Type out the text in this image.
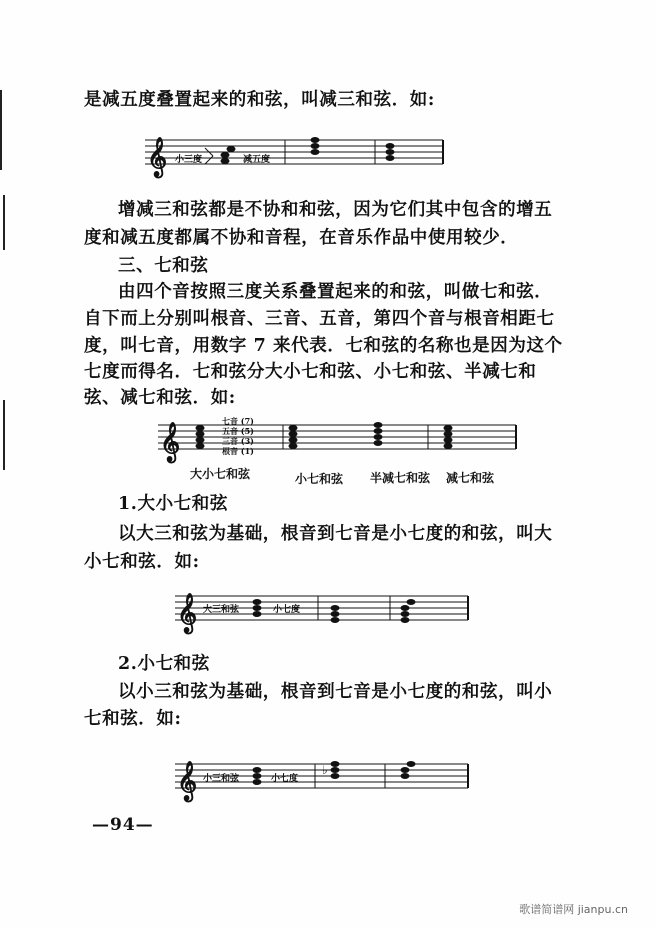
是减五度叠置起来的和弦，叫减三和弦．如:

𝄞 小三度	减五度

增减三和弦都是不协和和弦，因为它们其中包含的增五

度和减五度都属不协和音程，在音乐作品中使用较少．

三、七和弦

由四个音按照三度关系叠置起来的和弦，叫做七和弦．

自下而上分别叫根音、三音、五音，第四个音与根音相距七

度，叫七音，用数字 7 来代表．七和弦的名称也是因为这个

七度而得名．七和弦分大小七和弦、小七和弦、半减七和

弦、减七和弦．如:

𝄞
七音 (7)
五音 (5)
三音 (3)
根音 (1)
大小七和弦	小七和弦 半减七和弦 减七和弦

1.大小七和弦

以大三和弦为基础，根音到七音是小七度的和弦，叫大

小七和弦．如:

𝄞 大三和弦	小七度

2.小七和弦

以小三和弦为基础，根音到七音是小七度的和弦，叫小

七和弦．如:

𝄞	♭
小三和弦	小七度
—94—
歌谱简谱网 jianpu.cn
